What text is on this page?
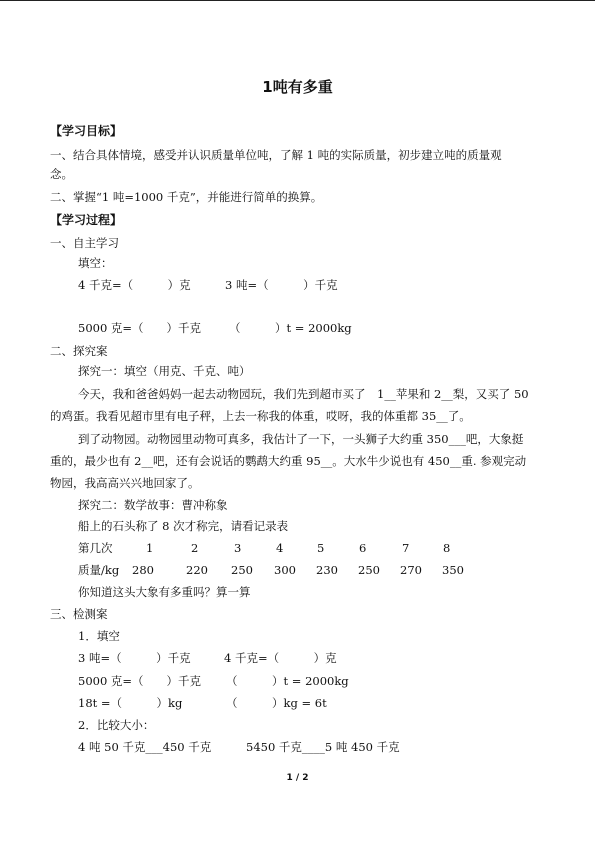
1吨有多重
【学习目标】
一、结合具体情境，感受并认识质量单位吨，了解 1 吨的实际质量，初步建立吨的质量观
念。
二、掌握“1 吨=1000 千克”，并能进行简单的换算。
【学习过程】
一、自主学习
填空：
4 千克=（　　　）克	3 吨=（　　　）千克
5000 克=（　　）千克 （　　　）t = 2000kg
二、探究案
探究一：填空（用克、千克、吨）
今天，我和爸爸妈妈一起去动物园玩，我们先到超市买了　1__苹果和 2__梨，又买了 50
的鸡蛋。我看见超市里有电子秤，上去一称我的体重，哎呀，我的体重都 35__了。
到了动物园。动物园里动物可真多，我估计了一下，一头狮子大约重 350___吧，大象挺
重的，最少也有 2__吧，还有会说话的鹦鹉大约重 95__。大水牛少说也有 450__重. 参观完动
物园，我高高兴兴地回家了。
探究二：数学故事：曹冲称象
船上的石头称了 8 次才称完，请看记录表
第几次	1	2	3	4	5	6	7	8
质量/kg 280	220 250 300 230 250 270 350
你知道这头大象有多重吗？算一算
三、检测案
1．填空
3 吨=（　　　）千克	4 千克=（　　　）克
5000 克=（　　）千克 （　　　）t = 2000kg
18t =（　　　）kg	（　　　）kg = 6t
2．比较大小：
4 吨 50 千克___450 千克	5450 千克____5 吨 450 千克
1 / 2
